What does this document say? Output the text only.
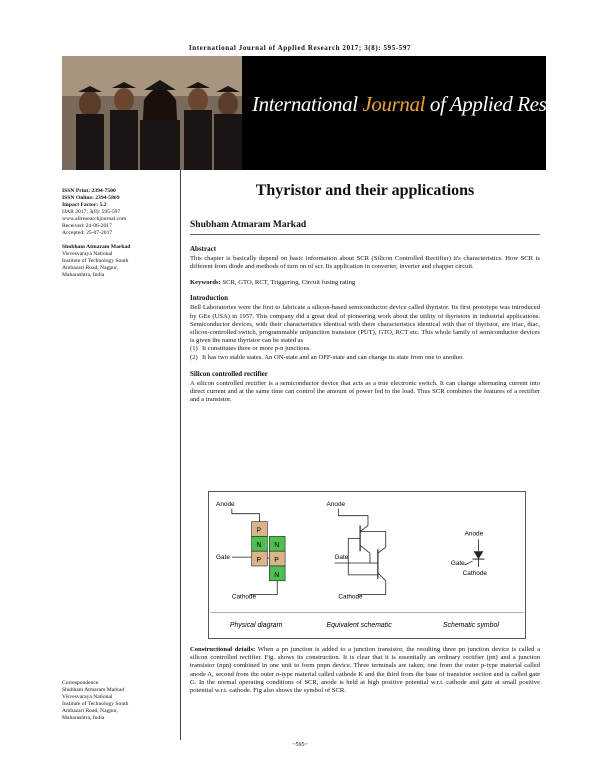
International Journal of Applied Research 2017; 3(8): 595-597
International Journal of Applied Research
ISSN Print: 2394-7500
ISSN Online: 2394-5869
Impact Factor: 5.2
IJAR 2017; 3(8): 595-597
www.allresearchjournal.com
Received: 24-06-2017
Accepted: 25-07-2017
Shubham Atmaram Markad
Visvesvaraya National
Institute of Technology South
Ambazari Road, Nagpur,
Maharashtra, India
Correspondence
Shubham Atmaram Markad
Visvesvaraya National
Institute of Technology South
Ambazari Road, Nagpur,
Maharashtra, India
Thyristor and their applications
Shubham Atmaram Markad
Abstract
This chapter is basically depend on basic information about SCR (Silicon Controlled Rectifier) it's characteristics. How SCR is different from diode and methods of turn on of scr. Its application in converter, inverter and chapper circuit.
Keywords: SCR, GTO, RCT, Triggering, Circuit fusing rating
Introduction
Bell Laboratories were the first to fabricate a silicon-based semiconductor device called thyristor. Its first prototype was introduced by GEe (USA) in 1957. This company did a great deal of pioneering work about the utility of thyristors in industrial applications. Semiconductor devices, with their characteristics identical with there characteristics identical with that of thyristor, are triac, diac, silicon-controlled switch, programmable unijunction transistor (PUT), GTO, RCT etc. This whole family of semiconductor devices is given the name thyristor can be stated as
(1) It constitutes three or more p-n junctions.
(2) It has two stable states. An ON-state and an OFF-state and can change its state from one to another.
Silicon controlled rectifier
A silicon controlled rectifier is a semiconductor device that acts as a true electronic switch. It can change alternating current into direct current and at the same time can control the amount of power fed to the load. Thus SCR combines the features of a rectifier and a transistor.
Anode
P
N
P
N
P
N
Gate
Cathode
Anode
Gate
Cathode
Anode
Gate
Cathode
Physical diagram	Equivalent schematic	Schematic symbol
Constructional details: When a pn junction is added to a junction transistor, the resulting three pn junction device is called a silicon controlled rectifier. Fig. shows its construction. It is clear that it is essentially an ordinary rectifier (pn) and a junction transistor (npn) combined in one unit to form pnpn device. Three terminals are taken; one from the outer p-type material called anode A, second from the outer n-type material called cathode K and the third from the base of transistor section and is called gate G. In the normal operating conditions of SCR, anode is held at high positive potential w.r.t. cathode and gate at small positive potential w.r.t. cathode. Fig also shows the symbol of SCR.
~595~
